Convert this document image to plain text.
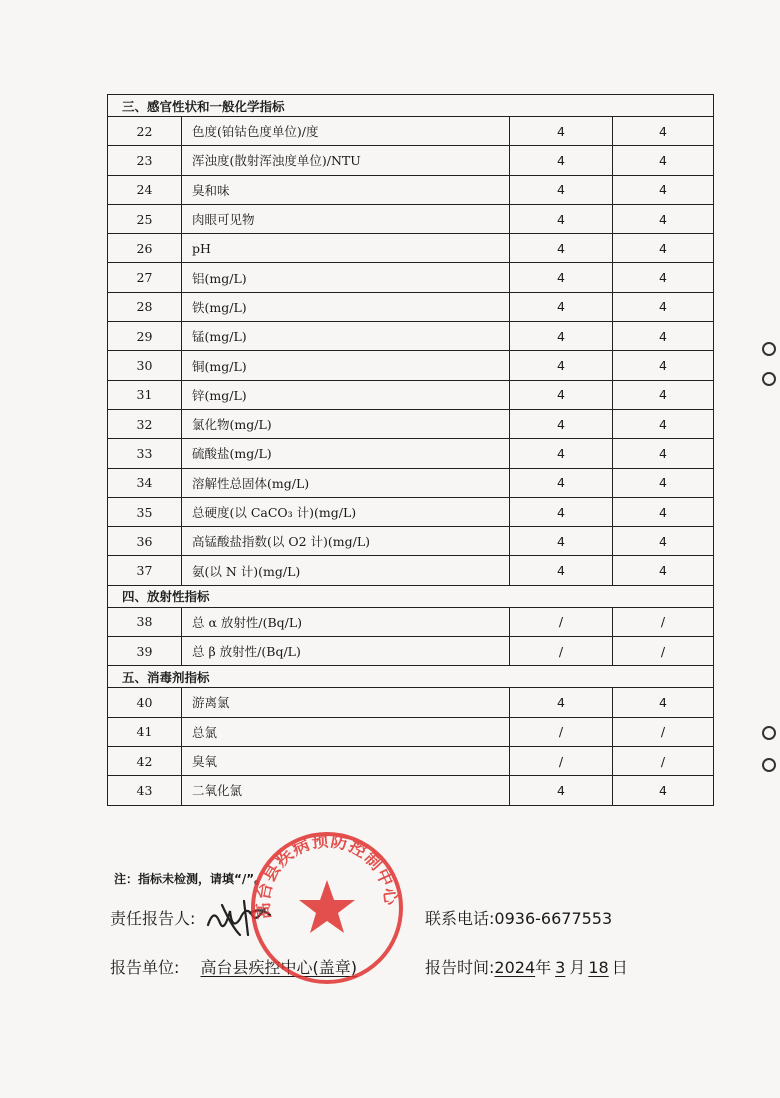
三、感官性状和一般化学指标			
22	色度(铂钴色度单位)/度	4	4
23	浑浊度(散射浑浊度单位)/NTU	4	4
24	臭和味	4	4
25	肉眼可见物	4	4
26	pH	4	4
27	铝(mg/L)	4	4
28	铁(mg/L)	4	4
29	锰(mg/L)	4	4
30	铜(mg/L)	4	4
31	锌(mg/L)	4	4
32	氯化物(mg/L)	4	4
33	硫酸盐(mg/L)	4	4
34	溶解性总固体(mg/L)	4	4
35	总硬度(以 CaCO₃ 计)(mg/L)	4	4
36	高锰酸盐指数(以 O2 计)(mg/L)	4	4
37	氨(以 N 计)(mg/L)	4	4
四、放射性指标			
38	总 α 放射性/(Bq/L)	/	/
39	总 β 放射性/(Bq/L)	/	/
五、消毒剂指标			
40	游离氯	4	4
41	总氯	/	/
42	臭氧	/	/
43	二氧化氯	4	4
注：指标未检测，请填“/”。
责任报告人:	联系电话:0936-6677553
报告单位: 高台县疾控中心(盖章)	报告时间:2024年 3 月 18 日
高台县疾病预防控制中心
